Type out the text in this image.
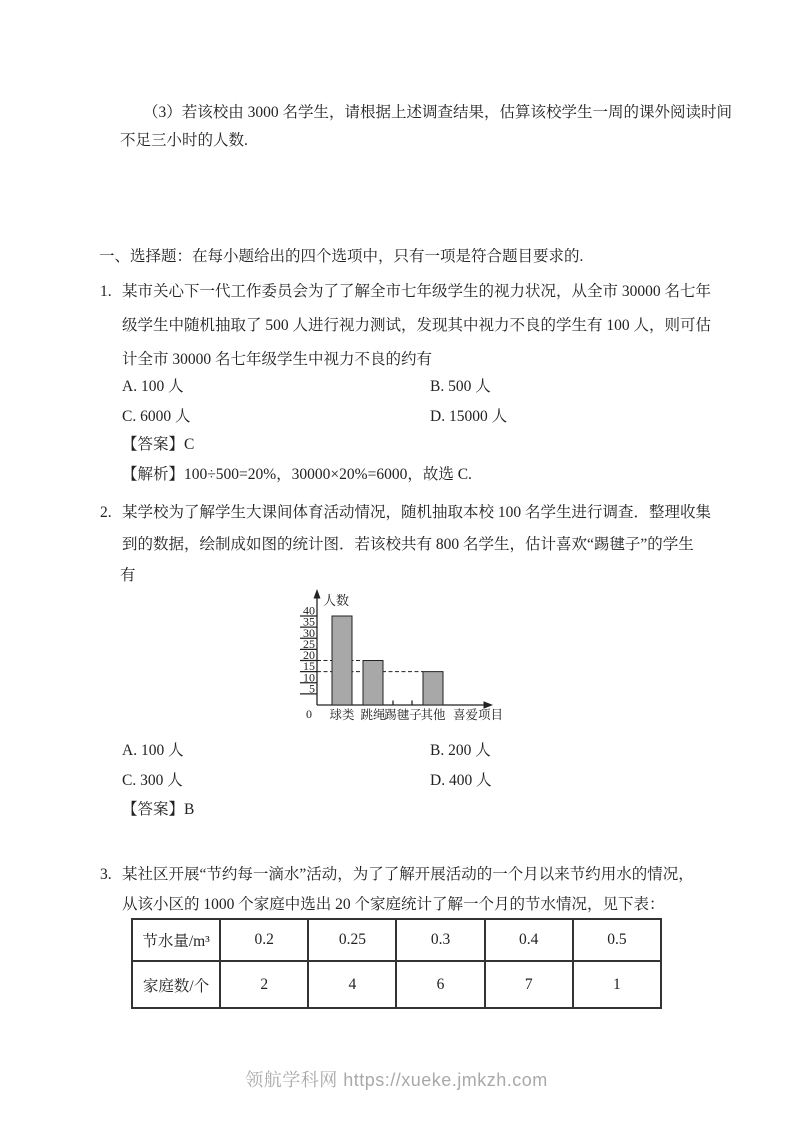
（3）若该校由 3000 名学生，请根据上述调查结果，估算该校学生一周的课外阅读时间
不足三小时的人数.
一、选择题：在每小题给出的四个选项中，只有一项是符合题目要求的.
1. 某市关心下一代工作委员会为了了解全市七年级学生的视力状况，从全市 30000 名七年
级学生中随机抽取了 500 人进行视力测试，发现其中视力不良的学生有 100 人，则可估
计全市 30000 名七年级学生中视力不良的约有
A. 100 人	B. 500 人
C. 6000 人	D. 15000 人
【答案】C
【解析】100÷500=20%，30000×20%=6000，故选 C.
2. 某学校为了解学生大课间体育活动情况，随机抽取本校 100 名学生进行调查．整理收集
到的数据，绘制成如图的统计图．若该校共有 800 名学生，估计喜欢“踢毽子”的学生
有
0
5
10
15
20
25
30
35
40
球类 跳绳
踢毽子
其他
人数
喜爱项目
A. 100 人	B. 200 人
C. 300 人	D. 400 人
【答案】B
3. 某社区开展“节约每一滴水”活动，为了了解开展活动的一个月以来节约用水的情况，
从该小区的 1000 个家庭中选出 20 个家庭统计了解一个月的节水情况，见下表：
节水量/m³	0.2	0.25	0.3	0.4	0.5
家庭数/个	2	4	6	7	1
领航学科网 https://xueke.jmkzh.com
